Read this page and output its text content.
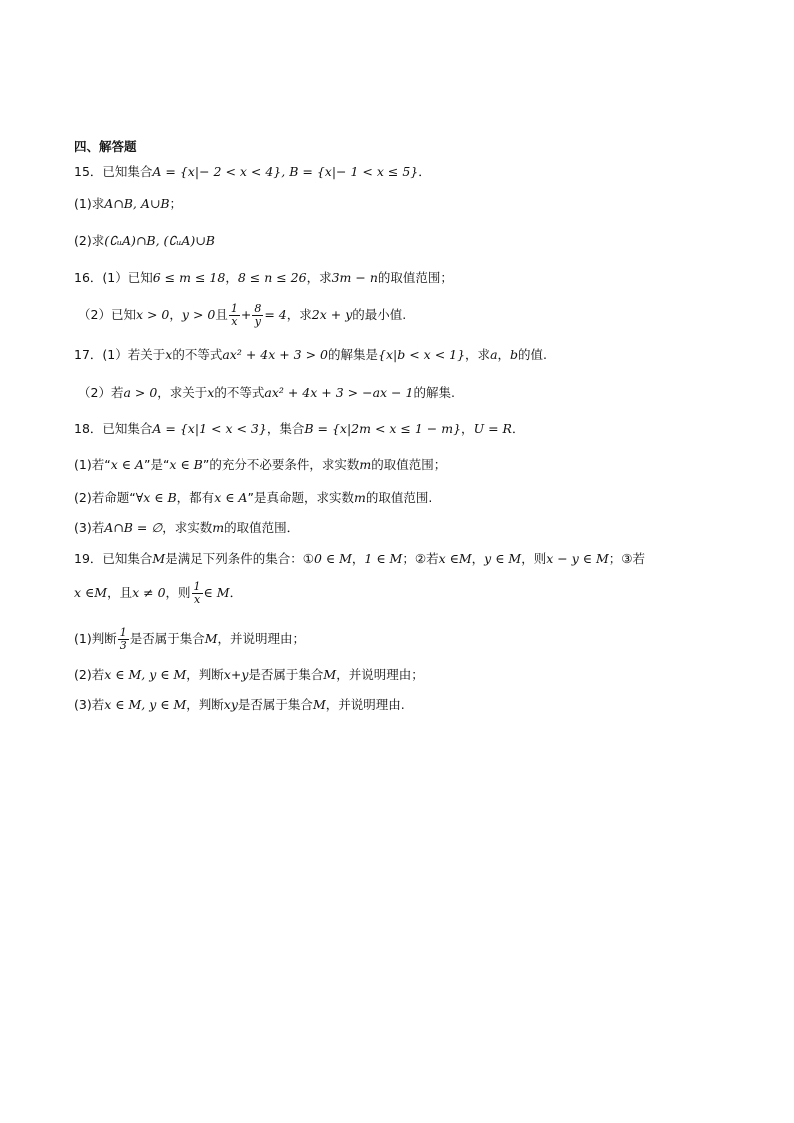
四、解答题
15．已知集合A = {x|− 2 < x < 4}, B = {x|− 1 < x ≤ 5}．
(1)求A∩B, A∪B；
(2)求(∁ᵤA)∩B, (∁ᵤA)∪B
16．(1）已知6 ≤ m ≤ 18，8 ≤ n ≤ 26，求3m − n的取值范围；
（2）已知x > 0，y > 0且 $\frac{1}{x} + \frac{8}{y} = 4$，求2x + y的最小值.
17．(1）若关于x的不等式ax² + 4x + 3 > 0的解集是{x|b < x < 1}，求a，b的值.
（2）若a > 0，求关于x的不等式ax² + 4x + 3 > −ax − 1的解集.
18．已知集合A = {x|1 < x < 3}，集合B = {x|2m < x ≤ 1 − m}，U = R．
(1)若“x ∈ A”是“x ∈ B”的充分不必要条件，求实数m的取值范围；
(2)若命题“∀x ∈ B，都有x ∈ A”是真命题，求实数m的取值范围.
(3)若A∩B = ∅，求实数m的取值范围．
19．已知集合M是满足下列条件的集合：①0 ∈ M，1 ∈ M；②若x ∈M，y ∈ M，则x − y ∈ M；③若
x ∈M，且x ≠ 0，则 $\frac{1}{x}$ ∈ M．
(1)判断 $\frac{1}{3}$ 是否属于集合M，并说明理由；
(2)若x ∈ M, y ∈ M，判断x+y是否属于集合M，并说明理由；
(3)若x ∈ M, y ∈ M，判断xy是否属于集合M，并说明理由.
